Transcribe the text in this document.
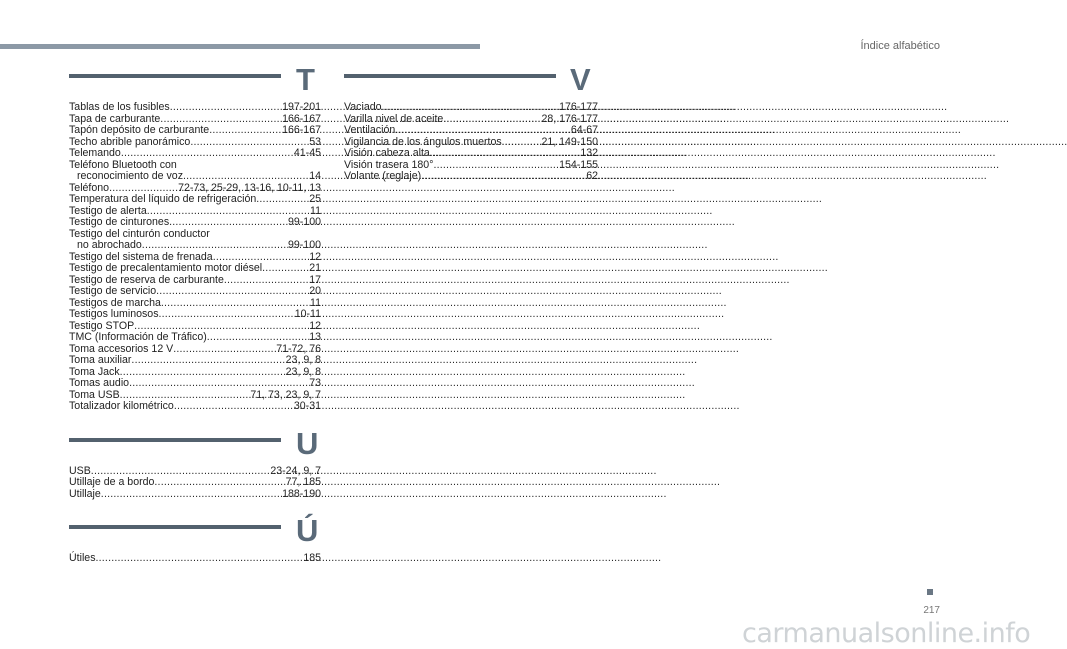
Índice alfabético
T
Tablas de los fusibles .....	197-201
Tapa de carburante .....	166-167
Tapón depósito de carburante .....	166-167
Techo abrible panorámico .....	53
Telemando .....	41-45
Teléfono Bluetooth con
reconocimiento de voz .....	14
Teléfono .....	72-73, 25-29, 13-16, 10-11, 13
Temperatura del líquido de refrigeración .....	25
Testigo de alerta .....	11
Testigo de cinturones .....	99-100
Testigo del cinturón conductor
no abrochado .....	99-100
Testigo del sistema de frenada .....	12
Testigo de precalentamiento motor diésel .....	21
Testigo de reserva de carburante .....	17
Testigo de servicio .....	20
Testigos de marcha .....	11
Testigos luminosos .....	10-11
Testigo STOP .....	12
TMC (Información de Tráfico) .....	13
Toma accesorios 12 V .....	71-72, 76
Toma auxiliar .....	23, 9, 8
Toma Jack .....	23, 9, 8
Tomas audio .....	73
Toma USB .....	71, 73, 23, 9, 7
Totalizador kilométrico .....	30-31
U
USB .....	23-24, 9, 7
Utillaje de a bordo .....	77, 185
Utillaje .....	188-190
Ú
Útiles .....	185
V
Vaciado .....	176-177
Varilla nivel de aceite .....	28, 176-177
Ventilación .....	64-67
Vigilancia de los ángulos muertos .....	21, 149-150
Visión cabeza alta .....	132
Visión trasera 180° .....	154-155
Volante (reglaje) .....	62
217
carmanualsonline.info
